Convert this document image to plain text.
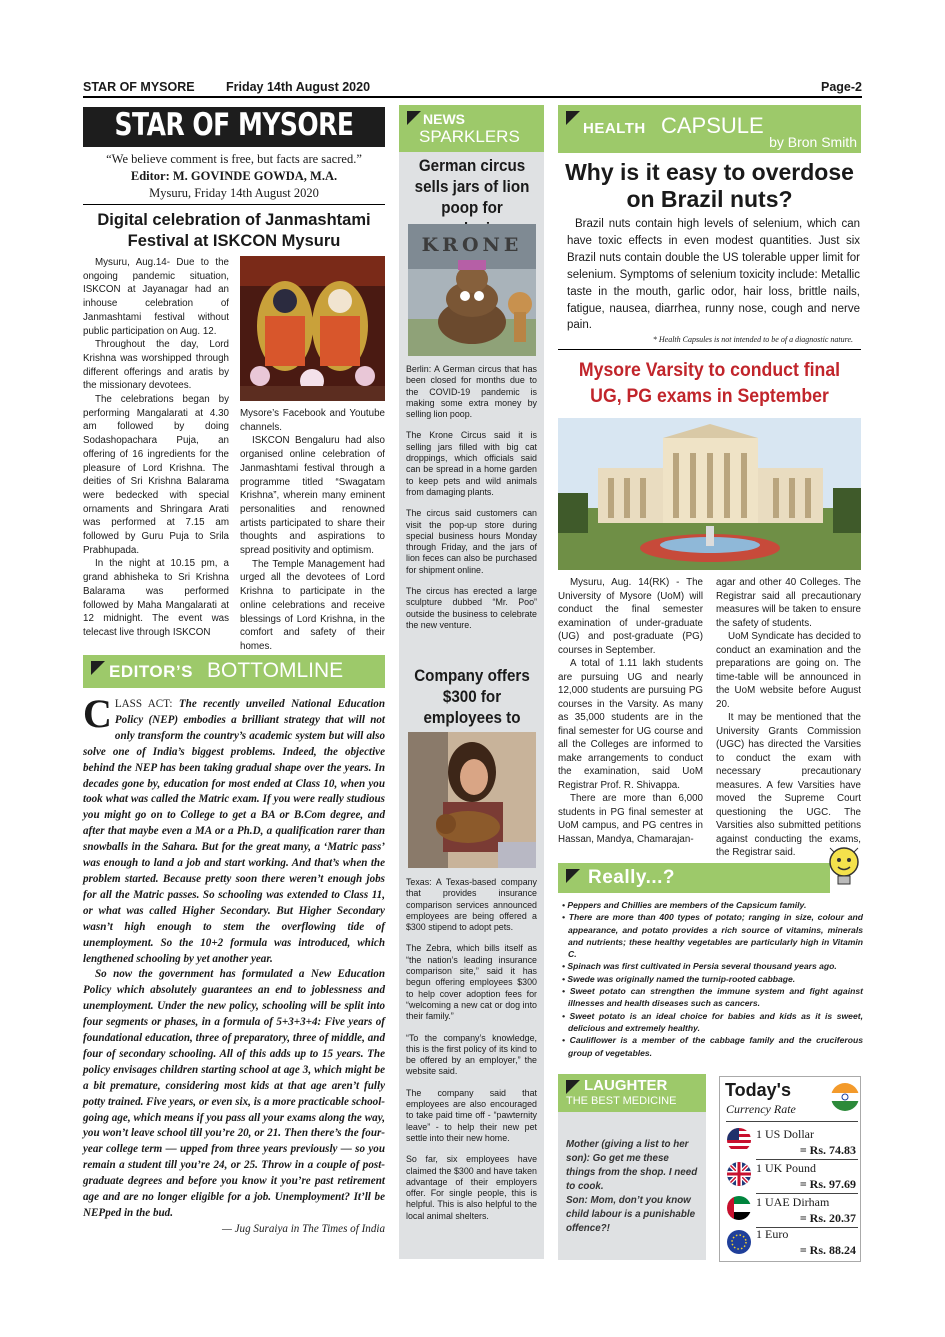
STAR OF MYSORE	Friday 14th August 2020	Page-2
STAR OF MYSORE
“We believe comment is free, but facts are sacred.”
Editor: M. GOVINDE GOWDA, M.A.
Mysuru, Friday 14th August 2020
Digital celebration of Janmashtami Festival at ISKCON Mysuru

Mysuru, Aug.14- Due to the ongoing pandemic situation, ISKCON at Jayanagar had an inhouse celebration of Janmashtami festival without public participation on Aug. 12.

Throughout the day, Lord Krishna was worshipped through different offerings and aratis by the missionary devotees.

The celebrations began by performing Mangalarati at 4.30 am followed by doing Sodashopachara Puja, an offering of 16 ingredients for the pleasure of Lord Krishna. The deities of Sri Krishna Balarama were bedecked with special ornaments and Shringara Arati was performed at 7.15 am followed by Guru Puja to Srila Prabhupada.

In the night at 10.15 pm, a grand abhisheka to Sri Krishna Balarama was performed followed by Maha Mangalarati at 12 midnight. The event was telecast live through ISKCON

Mysore’s Facebook and Youtube channels.

ISKCON Bengaluru had also organised online celebration of Janmashtami festival through a programme titled “Swagatam Krishna”, wherein many eminent personalities and renowned artists participated to share their thoughts and aspirations to spread positivity and optimism.

The Temple Management had urged all the devotees of Lord Krishna to participate in the online celebrations and receive blessings of Lord Krishna, in the comfort and safety of their homes.

EDITOR’S BOTTOMLINE

CLASS ACT: The recently unveiled National Education Policy (NEP) embodies a brilliant strategy that will not only transform the country’s academic system but will also solve one of India’s biggest problems. Indeed, the objective behind the NEP has been taking gradual shape over the years. In decades gone by, education for most ended at Class 10, when you took what was called the Matric exam. If you were really studious you might go on to College to get a BA or B.Com degree, and after that maybe even a MA or a Ph.D, a qualification rarer than snowballs in the Sahara. But for the great many, a ‘Matric pass’ was enough to land a job and start working. And that’s when the problem started. Because pretty soon there weren’t enough jobs for all the Matric passes. So schooling was extended to Class 11, or what was called Higher Secondary. But Higher Secondary wasn’t high enough to stem the overflowing tide of unemployment. So the 10+2 formula was introduced, which lengthened schooling by yet another year.

So now the government has formulated a New Education Policy which absolutely guarantees an end to joblessness and unemployment. Under the new policy, schooling will be split into four segments or phases, in a formula of 5+3+3+4: Five years of foundational education, three of preparatory, three of middle, and four of secondary schooling. All of this adds up to 15 years. The policy envisages children starting school at age 3, which might be a bit premature, considering most kids at that age aren’t fully potty trained. Five years, or even six, is a more practicable school-going age, which means if you pass all your exams along the way, you won’t leave school till you’re 20, or 21. Then there’s the four-year college term — upped from three years previously — so you remain a student till you’re 24, or 25. Throw in a couple of post-graduate degrees and before you know it you’re past retirement age and are no longer eligible for a job. Unemployment? It’ll be NEPped in the bud.

— Jug Suraiya in The Times of India
NEWS
SPARKLERS
German circus sells jars of lion poop for
KRONE

Berlin: A German circus that has been closed for months due to the COVID-19 pandemic is making some extra money by selling lion poop.

The Krone Circus said it is selling jars filled with big cat droppings, which officials said can be spread in a home garden to keep pets and wild animals from damaging plants.

The circus said customers can visit the pop-up store during special business hours Monday through Friday, and the jars of lion feces can also be purchased for shipment online.

The circus has erected a large sculpture dubbed “Mr. Poo” outside the business to celebrate the new venture.

Company offers $300 for employees to

Texas: A Texas-based company that provides insurance comparison services announced employees are being offered a $300 stipend to adopt pets.

The Zebra, which bills itself as “the nation’s leading insurance comparison site,” said it has begun offering employees $300 to help cover adoption fees for “welcoming a new cat or dog into their family.”

“To the company’s knowledge, this is the first policy of its kind to be offered by an employer,” the website said.

The company said that employees are also encouraged to take paid time off - “pawternity leave” - to help their new pet settle into their new home.

So far, six employees have claimed the $300 and have taken advantage of their employers offer. For single people, this is helpful. This is also helpful to the local animal shelters.

HEALTH CAPSULE
by Bron Smith
Why is it easy to overdose on Brazil nuts?
Brazil nuts contain high levels of selenium, which can have toxic effects in even modest quantities. Just six Brazil nuts contain double the US tolerable upper limit for selenium. Symptoms of selenium toxicity include: Metallic taste in the mouth, garlic odor, hair loss, brittle nails, fatigue, nausea, diarrhea, runny nose, cough and nerve pain.
* Health Capsules is not intended to be of a diagnostic nature.
Mysore Varsity to conduct final UG, PG exams in September

Mysuru, Aug. 14(RK) - The University of Mysore (UoM) will conduct the final semester examination of under-graduate (UG) and post-graduate (PG) courses in September.

A total of 1.11 lakh students are pursuing UG and nearly 12,000 students are pursuing PG courses in the Varsity. As many as 35,000 students are in the final semester for UG course and all the Colleges are informed to make arrangements to conduct the examination, said UoM Registrar Prof. R. Shivappa.

There are more than 6,000 students in PG final semester at UoM campus, and PG centres in Hassan, Mandya, Chamarajan-

agar and other 40 Colleges. The Registrar said all precautionary measures will be taken to ensure the safety of students.

UoM Syndicate has decided to conduct an examination and the preparations are going on. The time-table will be announced in the UoM website before August 20.

It may be mentioned that the University Grants Commission (UGC) has directed the Varsities to conduct the exam with necessary precautionary measures. A few Varsities have moved the Supreme Court questioning the UGC. The Varsities also submitted petitions against conducting the exams, the Registrar said.

Really...?
• Peppers and Chillies are members of the Capsicum family.
• There are more than 400 types of potato; ranging in size, colour and appearance, and potato provides a rich source of vitamins, minerals and nutrients; these healthy vegetables are particularly high in Vitamin C.
• Spinach was first cultivated in Persia several thousand years ago.
• Swede was originally named the turnip-rooted cabbage.
• Sweet potato can strengthen the immune system and fight against illnesses and health diseases such as cancers.
• Sweet potato is an ideal choice for babies and kids as it is sweet, delicious and extremely healthy.
• Cauliflower is a member of the cabbage family and the cruciferous group of vegetables.
LAUGHTER
THE BEST MEDICINE
Mother (giving a list to her son): Go get me these things from the shop. I need to cook.
Son: Mom, don’t you know child labour is a punishable offence?!
Today's
Currency Rate
1 US Dollar
= Rs. 74.83
1 UK Pound
= Rs. 97.69
1 UAE Dirham
= Rs. 20.37
1 Euro
= Rs. 88.24
